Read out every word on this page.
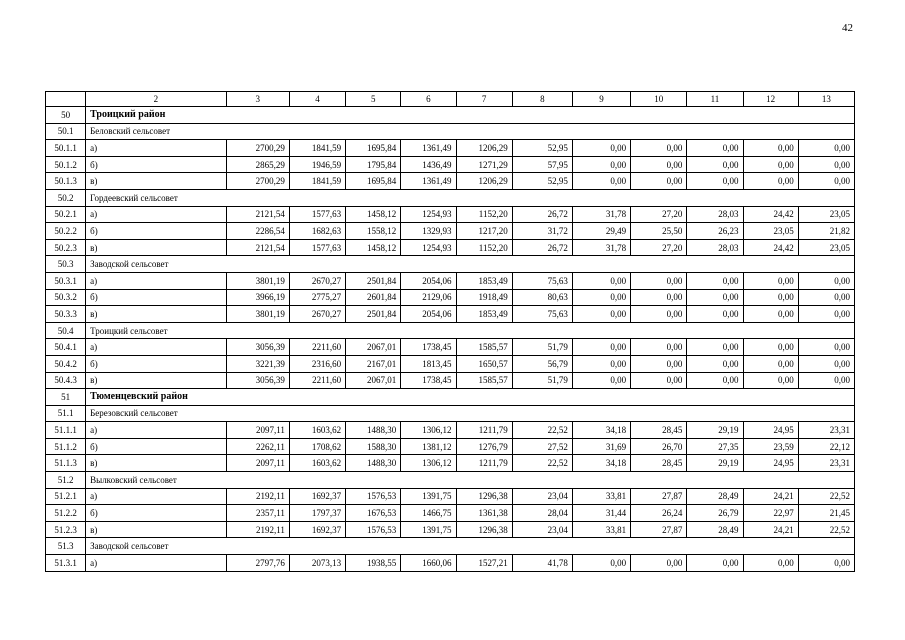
42
	2	3	4	5	6	7	8	9	10	11	12	13
50	Троицкий район											
50.1	Беловский сельсовет											
50.1.1	а)	2700,29	1841,59	1695,84	1361,49	1206,29	52,95	0,00	0,00	0,00	0,00	0,00
50.1.2	б)	2865,29	1946,59	1795,84	1436,49	1271,29	57,95	0,00	0,00	0,00	0,00	0,00
50.1.3	в)	2700,29	1841,59	1695,84	1361,49	1206,29	52,95	0,00	0,00	0,00	0,00	0,00
50.2	Гордеевский сельсовет											
50.2.1	а)	2121,54	1577,63	1458,12	1254,93	1152,20	26,72	31,78	27,20	28,03	24,42	23,05
50.2.2	б)	2286,54	1682,63	1558,12	1329,93	1217,20	31,72	29,49	25,50	26,23	23,05	21,82
50.2.3	в)	2121,54	1577,63	1458,12	1254,93	1152,20	26,72	31,78	27,20	28,03	24,42	23,05
50.3	Заводской сельсовет											
50.3.1	а)	3801,19	2670,27	2501,84	2054,06	1853,49	75,63	0,00	0,00	0,00	0,00	0,00
50.3.2	б)	3966,19	2775,27	2601,84	2129,06	1918,49	80,63	0,00	0,00	0,00	0,00	0,00
50.3.3	в)	3801,19	2670,27	2501,84	2054,06	1853,49	75,63	0,00	0,00	0,00	0,00	0,00
50.4	Троицкий сельсовет											
50.4.1	а)	3056,39	2211,60	2067,01	1738,45	1585,57	51,79	0,00	0,00	0,00	0,00	0,00
50.4.2	б)	3221,39	2316,60	2167,01	1813,45	1650,57	56,79	0,00	0,00	0,00	0,00	0,00
50.4.3	в)	3056,39	2211,60	2067,01	1738,45	1585,57	51,79	0,00	0,00	0,00	0,00	0,00
51	Тюменцевский район											
51.1	Березовский сельсовет											
51.1.1	а)	2097,11	1603,62	1488,30	1306,12	1211,79	22,52	34,18	28,45	29,19	24,95	23,31
51.1.2	б)	2262,11	1708,62	1588,30	1381,12	1276,79	27,52	31,69	26,70	27,35	23,59	22,12
51.1.3	в)	2097,11	1603,62	1488,30	1306,12	1211,79	22,52	34,18	28,45	29,19	24,95	23,31
51.2	Вылковский сельсовет											
51.2.1	а)	2192,11	1692,37	1576,53	1391,75	1296,38	23,04	33,81	27,87	28,49	24,21	22,52
51.2.2	б)	2357,11	1797,37	1676,53	1466,75	1361,38	28,04	31,44	26,24	26,79	22,97	21,45
51.2.3	в)	2192,11	1692,37	1576,53	1391,75	1296,38	23,04	33,81	27,87	28,49	24,21	22,52
51.3	Заводской сельсовет											
51.3.1	а)	2797,76	2073,13	1938,55	1660,06	1527,21	41,78	0,00	0,00	0,00	0,00	0,00
